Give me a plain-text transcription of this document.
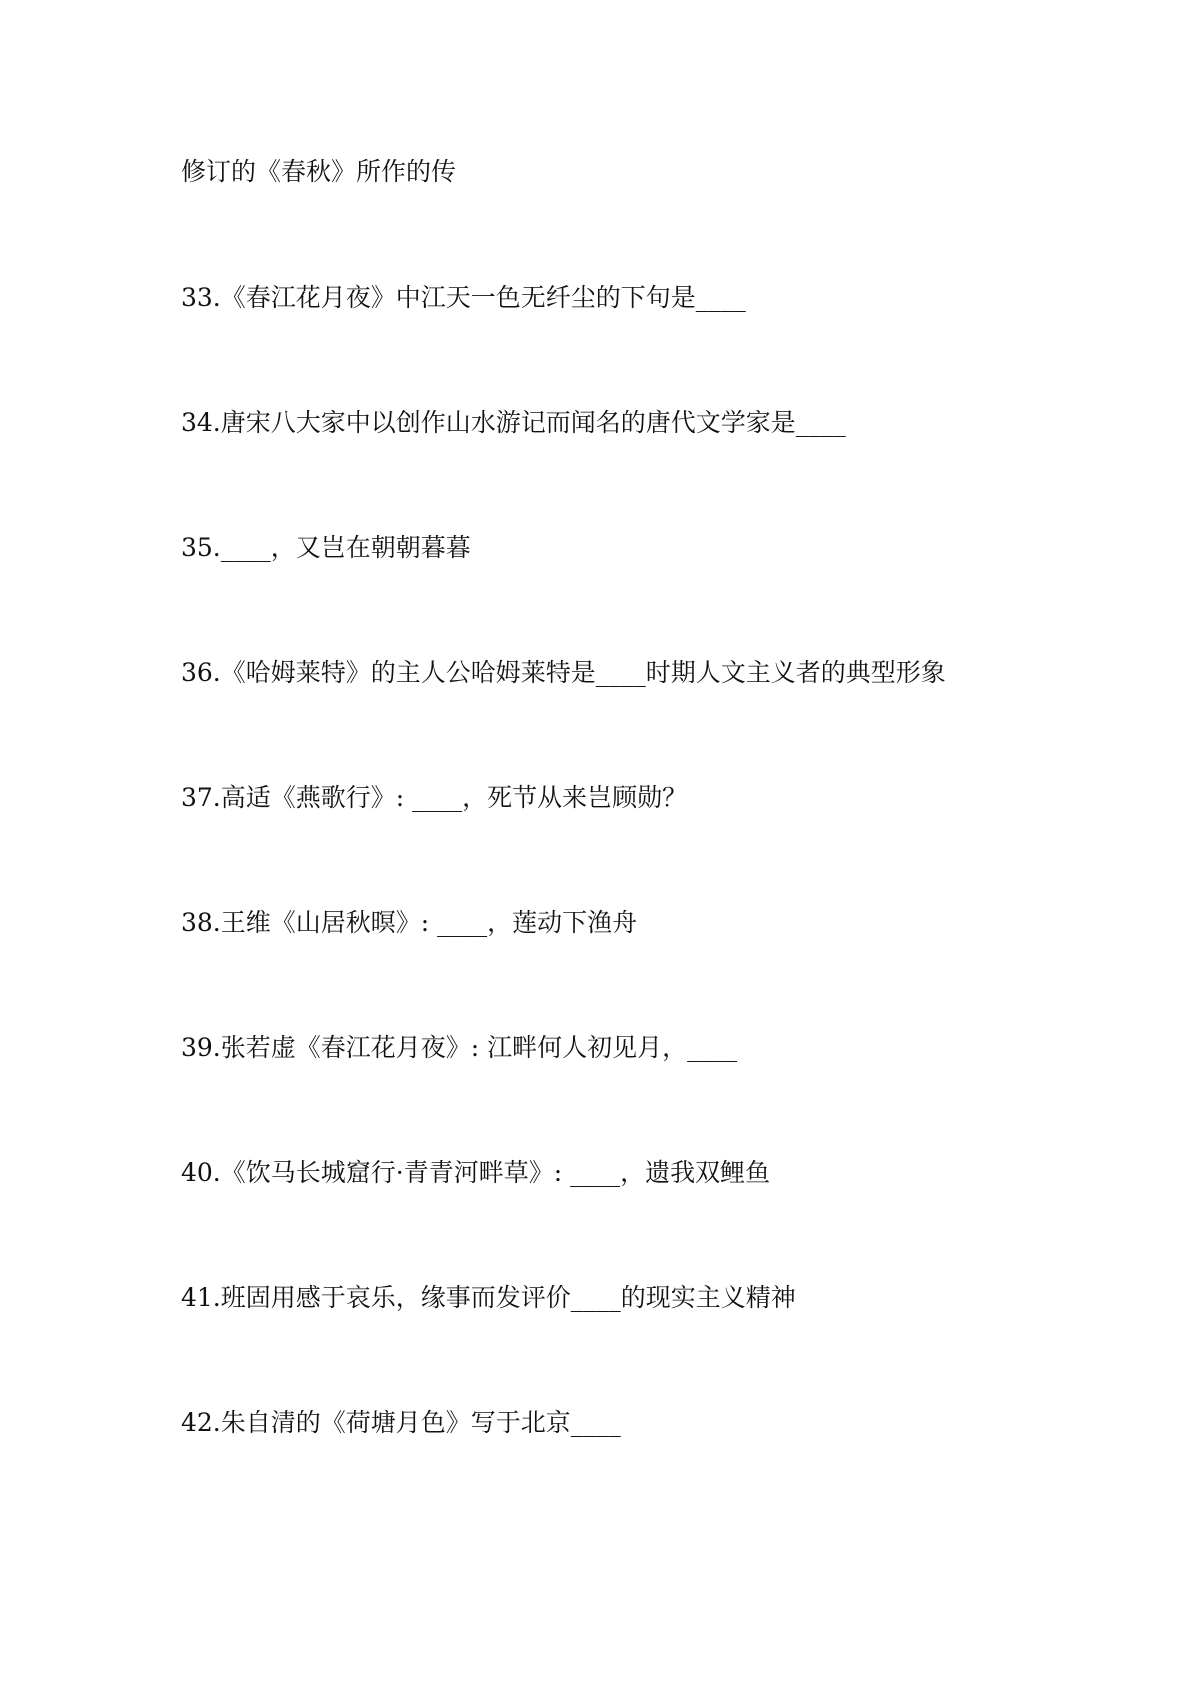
修订的《春秋》所作的传

33.《春江花月夜》中江天一色无纤尘的下句是____

34.唐宋八大家中以创作山水游记而闻名的唐代文学家是____

35.____，又岂在朝朝暮暮

36.《哈姆莱特》的主人公哈姆莱特是____时期人文主义者的典型形象

37.高适《燕歌行》: ____，死节从来岂顾勋？

38.王维《山居秋暝》: ____，莲动下渔舟

39.张若虚《春江花月夜》: 江畔何人初见月，____

40.《饮马长城窟行·青青河畔草》: ____，遗我双鲤鱼

41.班固用感于哀乐，缘事而发评价____的现实主义精神

42.朱自清的《荷塘月色》写于北京____
